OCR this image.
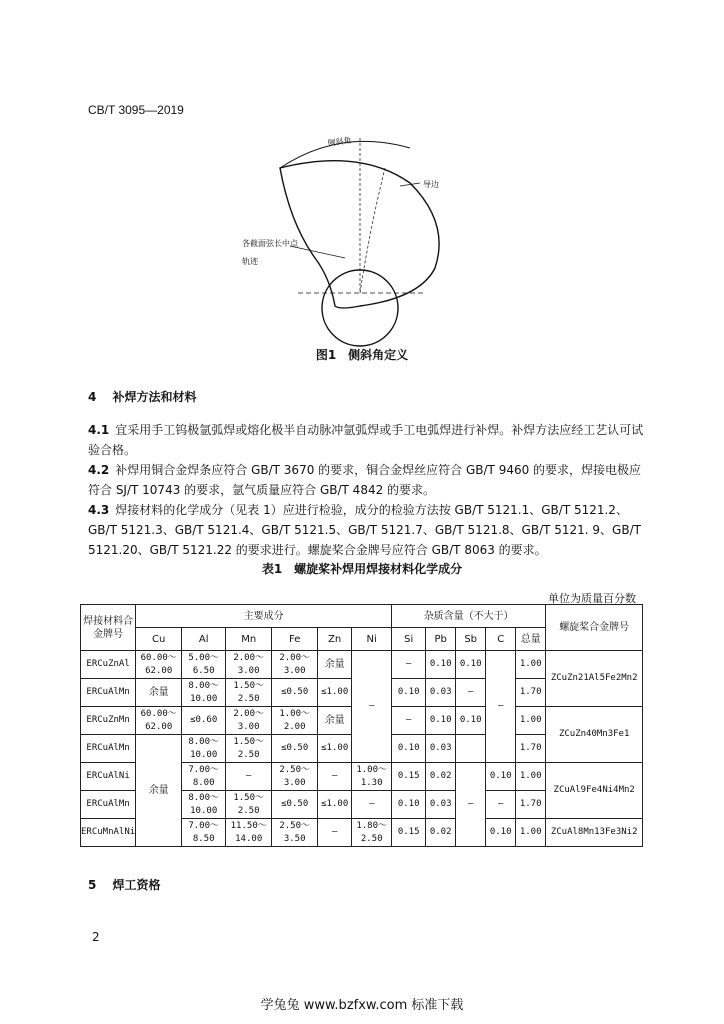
CB/T 3095—2019
侧斜角
导边
各截面弦长中点
轨迹
图1　侧斜角定义
4 补焊方法和材料
4.1 宜采用手工钨极氩弧焊或熔化极半自动脉冲氩弧焊或手工电弧焊进行补焊。补焊方法应经工艺认可试验合格。
4.2 补焊用铜合金焊条应符合 GB/T 3670 的要求，铜合金焊丝应符合 GB/T 9460 的要求，焊接电极应符合 SJ/T 10743 的要求，氩气质量应符合 GB/T 4842 的要求。
4.3 焊接材料的化学成分（见表 1）应进行检验，成分的检验方法按 GB/T 5121.1、GB/T 5121.2、GB/T 5121.3、GB/T 5121.4、GB/T 5121.5、GB/T 5121.7、GB/T 5121.8、GB/T 5121. 9、GB/T 5121.20、GB/T 5121.22 的要求进行。螺旋桨合金牌号应符合 GB/T 8063 的要求。
表1　螺旋桨补焊用焊接材料化学成分
单位为质量百分数
焊接材料合金牌号	主要成分						杂质含量（不大于）					螺旋桨合金牌号
	Cu	Al	Mn	Fe	Zn	Ni	Si	Pb	Sb	C	总量	
ERCuZnAl	60.00～62.00	5.00～6.50	2.00～3.00	2.00～3.00	余量	—	—	0.10	0.10	—	1.00	ZCuZn21Al5Fe2Mn2
ERCuAlMn	余量	8.00～10.00	1.50～2.50	≤0.50	≤1.00		0.10	0.03	—		1.70	
ERCuZnMn	60.00～62.00	≤0.60	2.00～3.00	1.00～2.00	余量		—	0.10	0.10		1.00	ZCuZn40Mn3Fe1
ERCuAlMn	余量	8.00～10.00	1.50～2.50	≤0.50	≤1.00		0.10	0.03			1.70	
ERCuAlNi		7.00～8.00	—	2.50～3.00	—	1.00～1.30	0.15	0.02	—	0.10	1.00	ZCuAl9Fe4Ni4Mn2
ERCuAlMn		8.00～10.00	1.50～2.50	≤0.50	≤1.00	—	0.10	0.03		—	1.70	
ERCuMnAlNi		7.00～8.50	11.50～14.00	2.50～3.50	—	1.80～2.50	0.15	0.02		0.10	1.00	ZCuAl8Mn13Fe3Ni2
5 焊工资格
2
学兔兔 www.bzfxw.com 标准下载
